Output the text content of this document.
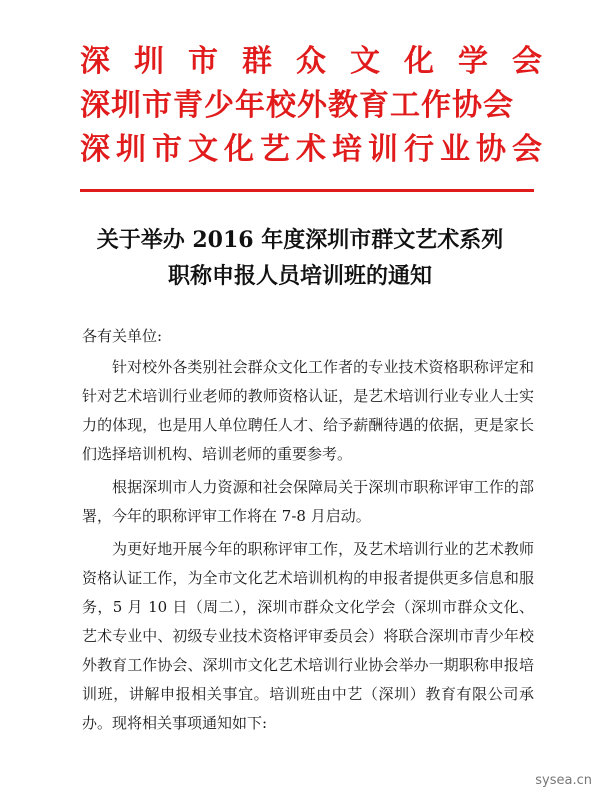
深圳市群众文化学会
深圳市青少年校外教育工作协会
深圳市文化艺术培训行业协会
关于举办 2016 年度深圳市群文艺术系列
职称申报人员培训班的通知

各有关单位:

针对校外各类别社会群众文化工作者的专业技术资格职称评定和针对艺术培训行业老师的教师资格认证，是艺术培训行业专业人士实力的体现，也是用人单位聘任人才、给予薪酬待遇的依据，更是家长们选择培训机构、培训老师的重要参考。

根据深圳市人力资源和社会保障局关于深圳市职称评审工作的部署，今年的职称评审工作将在 7-8 月启动。

为更好地开展今年的职称评审工作，及艺术培训行业的艺术教师资格认证工作，为全市文化艺术培训机构的申报者提供更多信息和服务，5 月 10 日（周二），深圳市群众文化学会（深圳市群众文化、艺术专业中、初级专业技术资格评审委员会）将联合深圳市青少年校外教育工作协会、深圳市文化艺术培训行业协会举办一期职称申报培训班，讲解申报相关事宜。培训班由中艺（深圳）教育有限公司承办。现将相关事项通知如下:

sysea.cn
